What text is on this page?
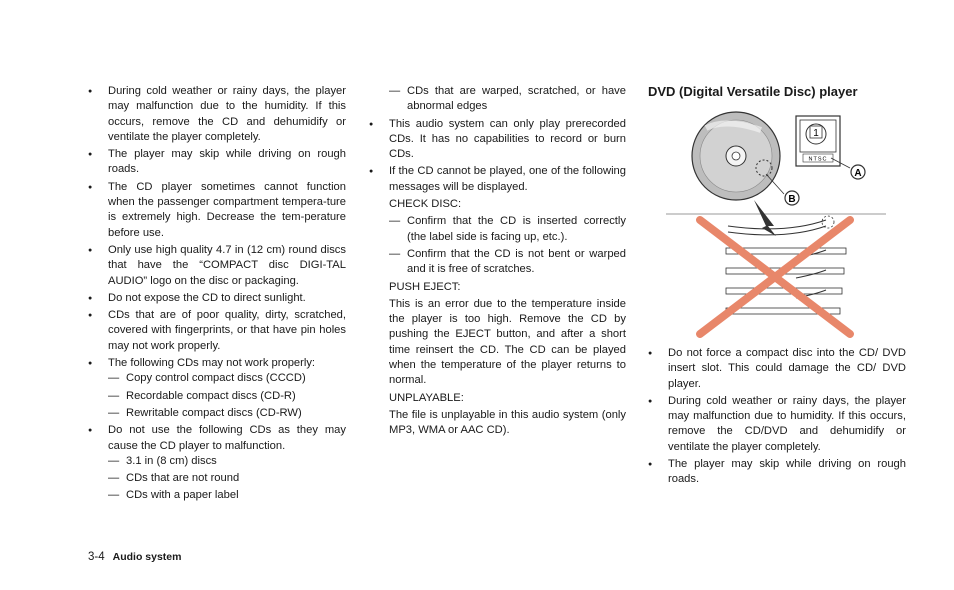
● During cold weather or rainy days, the player may malfunction due to the humidity. If this occurs, remove the CD and dehumidify or ventilate the player completely.
● The player may skip while driving on rough roads.
● The CD player sometimes cannot function when the passenger compartment tempera-ture is extremely high. Decrease the tem-perature before use.
● Only use high quality 4.7 in (12 cm) round discs that have the “COMPACT disc DIGI-TAL AUDIO” logo on the disc or packaging.
● Do not expose the CD to direct sunlight.
● CDs that are of poor quality, dirty, scratched, covered with fingerprints, or that have pin holes may not work properly.
● The following CDs may not work properly:
— Copy control compact discs (CCCD)
— Recordable compact discs (CD-R)
— Rewritable compact discs (CD-RW)
● Do not use the following CDs as they may cause the CD player to malfunction.
— 3.1 in (8 cm) discs
— CDs that are not round
— CDs with a paper label
— CDs that are warped, scratched, or have abnormal edges
● This audio system can only play prerecorded CDs. It has no capabilities to record or burn CDs.
● If the CD cannot be played, one of the following messages will be displayed.

CHECK DISC:

— Confirm that the CD is inserted correctly (the label side is facing up, etc.).
— Confirm that the CD is not bent or warped and it is free of scratches.

PUSH EJECT:

This is an error due to the temperature inside the player is too high. Remove the CD by pushing the EJECT button, and after a short time reinsert the CD. The CD can be played when the temperature of the player returns to normal.

UNPLAYABLE:

The file is unplayable in this audio system (only MP3, WMA or AAC CD).

DVD (Digital Versatile Disc) player
1
NTSC
A
B
● Do not force a compact disc into the CD/ DVD insert slot. This could damage the CD/ DVD player.
● During cold weather or rainy days, the player may malfunction due to humidity. If this occurs, remove the CD/DVD and dehumidify or ventilate the player completely.
● The player may skip while driving on rough roads.
3-4 Audio system
